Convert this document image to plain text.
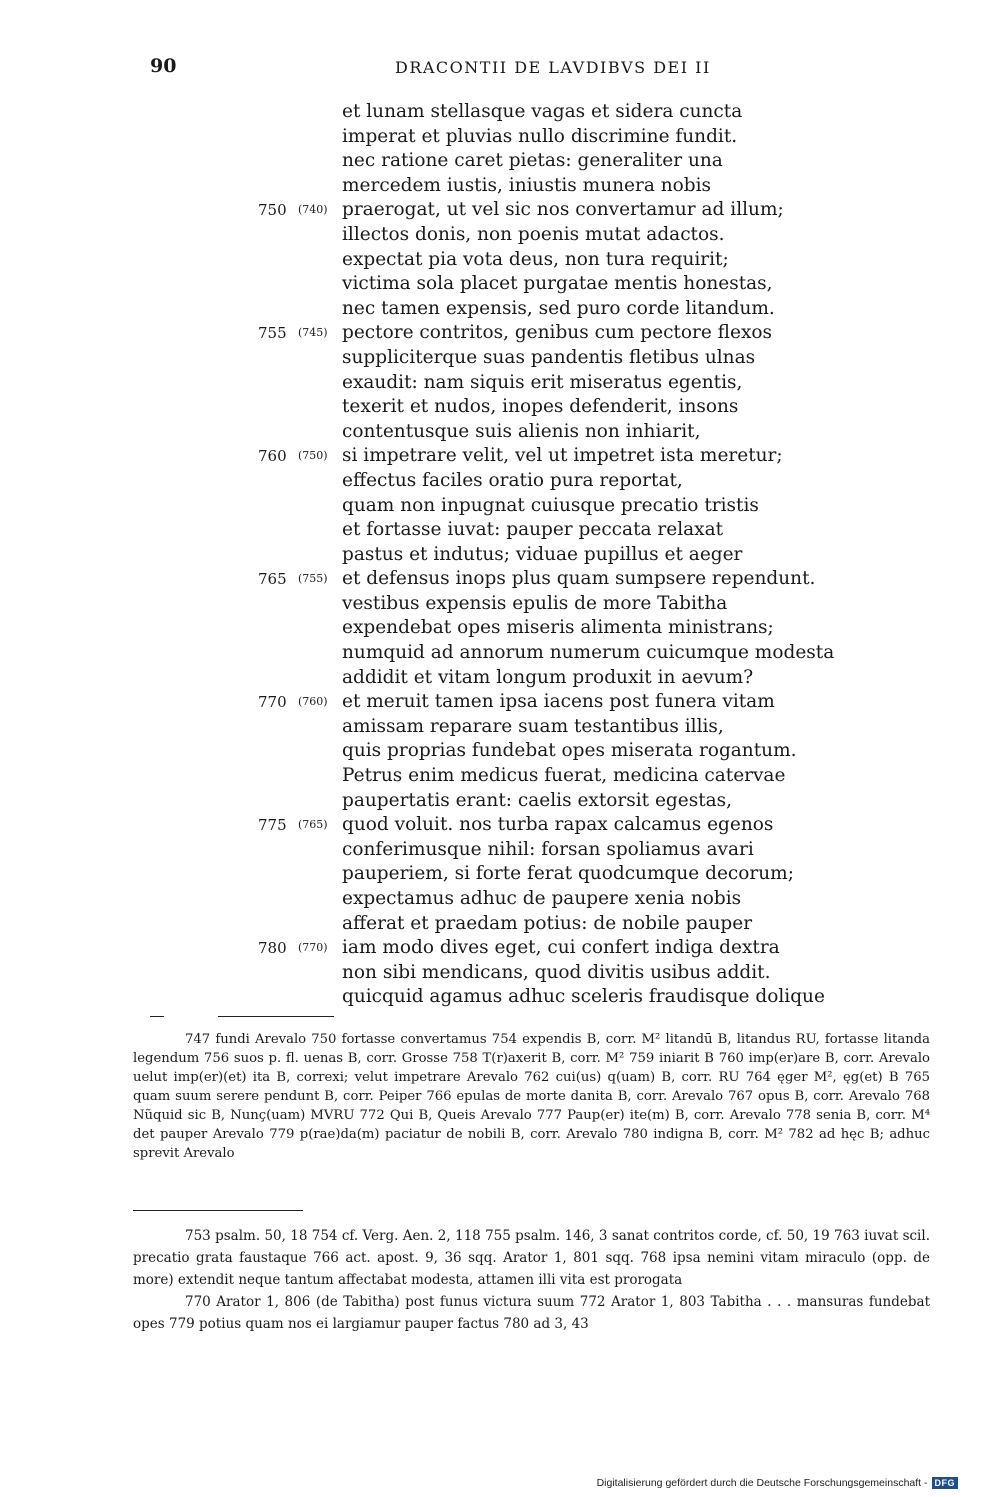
90	DRACONTII DE LAVDIBVS DEI II
et lunam stellasque vagas et sidera cuncta
imperat et pluvias nullo discrimine fundit.
nec ratione caret pietas: generaliter una
mercedem iustis, iniustis munera nobis
750 (740) praerogat, ut vel sic nos convertamur ad illum;
illectos donis, non poenis mutat adactos.
expectat pia vota deus, non tura requirit;
victima sola placet purgatae mentis honestas,
nec tamen expensis, sed puro corde litandum.
755 (745) pectore contritos, genibus cum pectore flexos
suppliciterque suas pandentis fletibus ulnas
exaudit: nam siquis erit miseratus egentis,
texerit et nudos, inopes defenderit, insons
contentusque suis alienis non inhiarit,
760 (750) si impetrare velit, vel ut impetret ista meretur;
effectus faciles oratio pura reportat,
quam non inpugnat cuiusque precatio tristis
et fortasse iuvat: pauper peccata relaxat
pastus et indutus; viduae pupillus et aeger
765 (755) et defensus inops plus quam sumpsere rependunt.
vestibus expensis epulis de more Tabitha
expendebat opes miseris alimenta ministrans;
numquid ad annorum numerum cuicumque modesta
addidit et vitam longum produxit in aevum?
770 (760) et meruit tamen ipsa iacens post funera vitam
amissam reparare suam testantibus illis,
quis proprias fundebat opes miserata rogantum.
Petrus enim medicus fuerat, medicina catervae
paupertatis erant: caelis extorsit egestas,
775 (765) quod voluit. nos turba rapax calcamus egenos
conferimusque nihil: forsan spoliamus avari
pauperiem, si forte ferat quodcumque decorum;
expectamus adhuc de paupere xenia nobis
afferat et praedam potius: de nobile pauper
780 (770) iam modo dives eget, cui confert indiga dextra
non sibi mendicans, quod divitis usibus addit.
quicquid agamus adhuc sceleris fraudisque dolique

747 fundi Arevalo 750 fortasse convertamus 754 expendis B, corr. M² litandū B, litandus RU, fortasse litanda legendum 756 suos p. fl. uenas B, corr. Grosse 758 T(r)axerit B, corr. M² 759 iniarit B 760 imp(er)are B, corr. Arevalo uelut imp(er)(et) ita B, correxi; velut impetrare Arevalo 762 cui(us) q(uam) B, corr. RU 764 ęger M², ęg(et) B 765 quam suum serere pendunt B, corr. Peiper 766 epulas de morte danita B, corr. Arevalo 767 opus B, corr. Arevalo 768 Nũquid sic B, Nunç(uam) MVRU 772 Qui B, Queis Arevalo 777 Paup(er) ite(m) B, corr. Arevalo 778 senia B, corr. M⁴ det pauper Arevalo 779 p(rae)da(m) paciatur de nobili B, corr. Arevalo 780 indigna B, corr. M² 782 ad hęc B; adhuc sprevit Arevalo

753 psalm. 50, 18 754 cf. Verg. Aen. 2, 118 755 psalm. 146, 3 sanat contritos corde, cf. 50, 19 763 iuvat scil. precatio grata faustaque 766 act. apost. 9, 36 sqq. Arator 1, 801 sqq. 768 ipsa nemini vitam miraculo (opp. de more) extendit neque tantum affectabat modesta, attamen illi vita est prorogata

770 Arator 1, 806 (de Tabitha) post funus victura suum 772 Arator 1, 803 Tabitha . . . mansuras fundebat opes 779 potius quam nos ei largiamur pauper factus 780 ad 3, 43

Digitalisierung gefördert durch die Deutsche Forschungsgemeinschaft - DFG
